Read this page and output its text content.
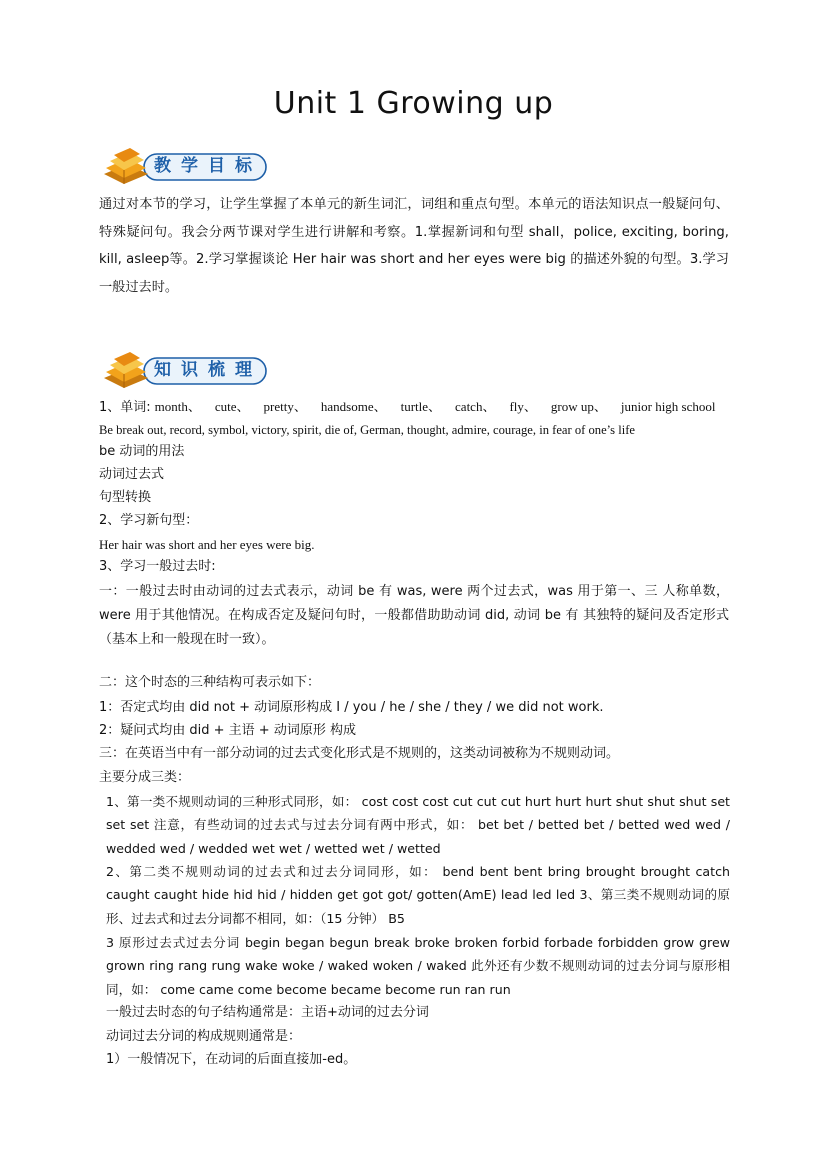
Unit 1 Growing up
教学目标
通过对本节的学习，让学生掌握了本单元的新生词汇，词组和重点句型。本单元的语法知识点一般疑问句、特殊疑问句。我会分两节课对学生进行讲解和考察。1.掌握新词和句型 shall，police, exciting, boring, kill, asleep等。2.学习掌握谈论 Her hair was short and her eyes were big 的描述外貌的句型。3.学习一般过去时。
知识梳理
1、单词: month、 cute、 pretty、 handsome、 turtle、 catch、 fly、 grow up、 junior high school
Be break out, record, symbol, victory, spirit, die of, German, thought, admire, courage, in fear of one’s life
be 动词的用法
动词过去式
句型转换
2、学习新句型：
Her hair was short and her eyes were big.
3、学习一般过去时:
一：一般过去时由动词的过去式表示，动词 be 有 was, were 两个过去式，was 用于第一、三 人称单数，were 用于其他情况。在构成否定及疑问句时，一般都借助助动词 did, 动词 be 有 其独特的疑问及否定形式（基本上和一般现在时一致）。
二：这个时态的三种结构可表示如下：
1：否定式均由 did not + 动词原形构成 I / you / he / she / they / we did not work.
2：疑问式均由 did + 主语 + 动词原形 构成
三：在英语当中有一部分动词的过去式变化形式是不规则的，这类动词被称为不规则动词。
主要分成三类：
1、第一类不规则动词的三种形式同形，如： cost cost cost cut cut cut hurt hurt hurt shut shut shut set set set 注意，有些动词的过去式与过去分词有两中形式，如： bet bet / betted bet / betted wed wed / wedded wed / wedded wet wet / wetted wet / wetted
2、第二类不规则动词的过去式和过去分词同形，如： bend bent bent bring brought brought catch caught caught hide hid hid / hidden get got got/ gotten(AmE) lead led led 3、第三类不规则动词的原形、过去式和过去分词都不相同，如：（15 分钟） B5
3 原形过去式过去分词 begin began begun break broke broken forbid forbade forbidden grow grew grown ring rang rung wake woke / waked woken / waked 此外还有少数不规则动词的过去分词与原形相同，如： come came come become became become run ran run
一般过去时态的句子结构通常是：主语+动词的过去分词
动词过去分词的构成规则通常是：
1）一般情况下，在动词的后面直接加-ed。
